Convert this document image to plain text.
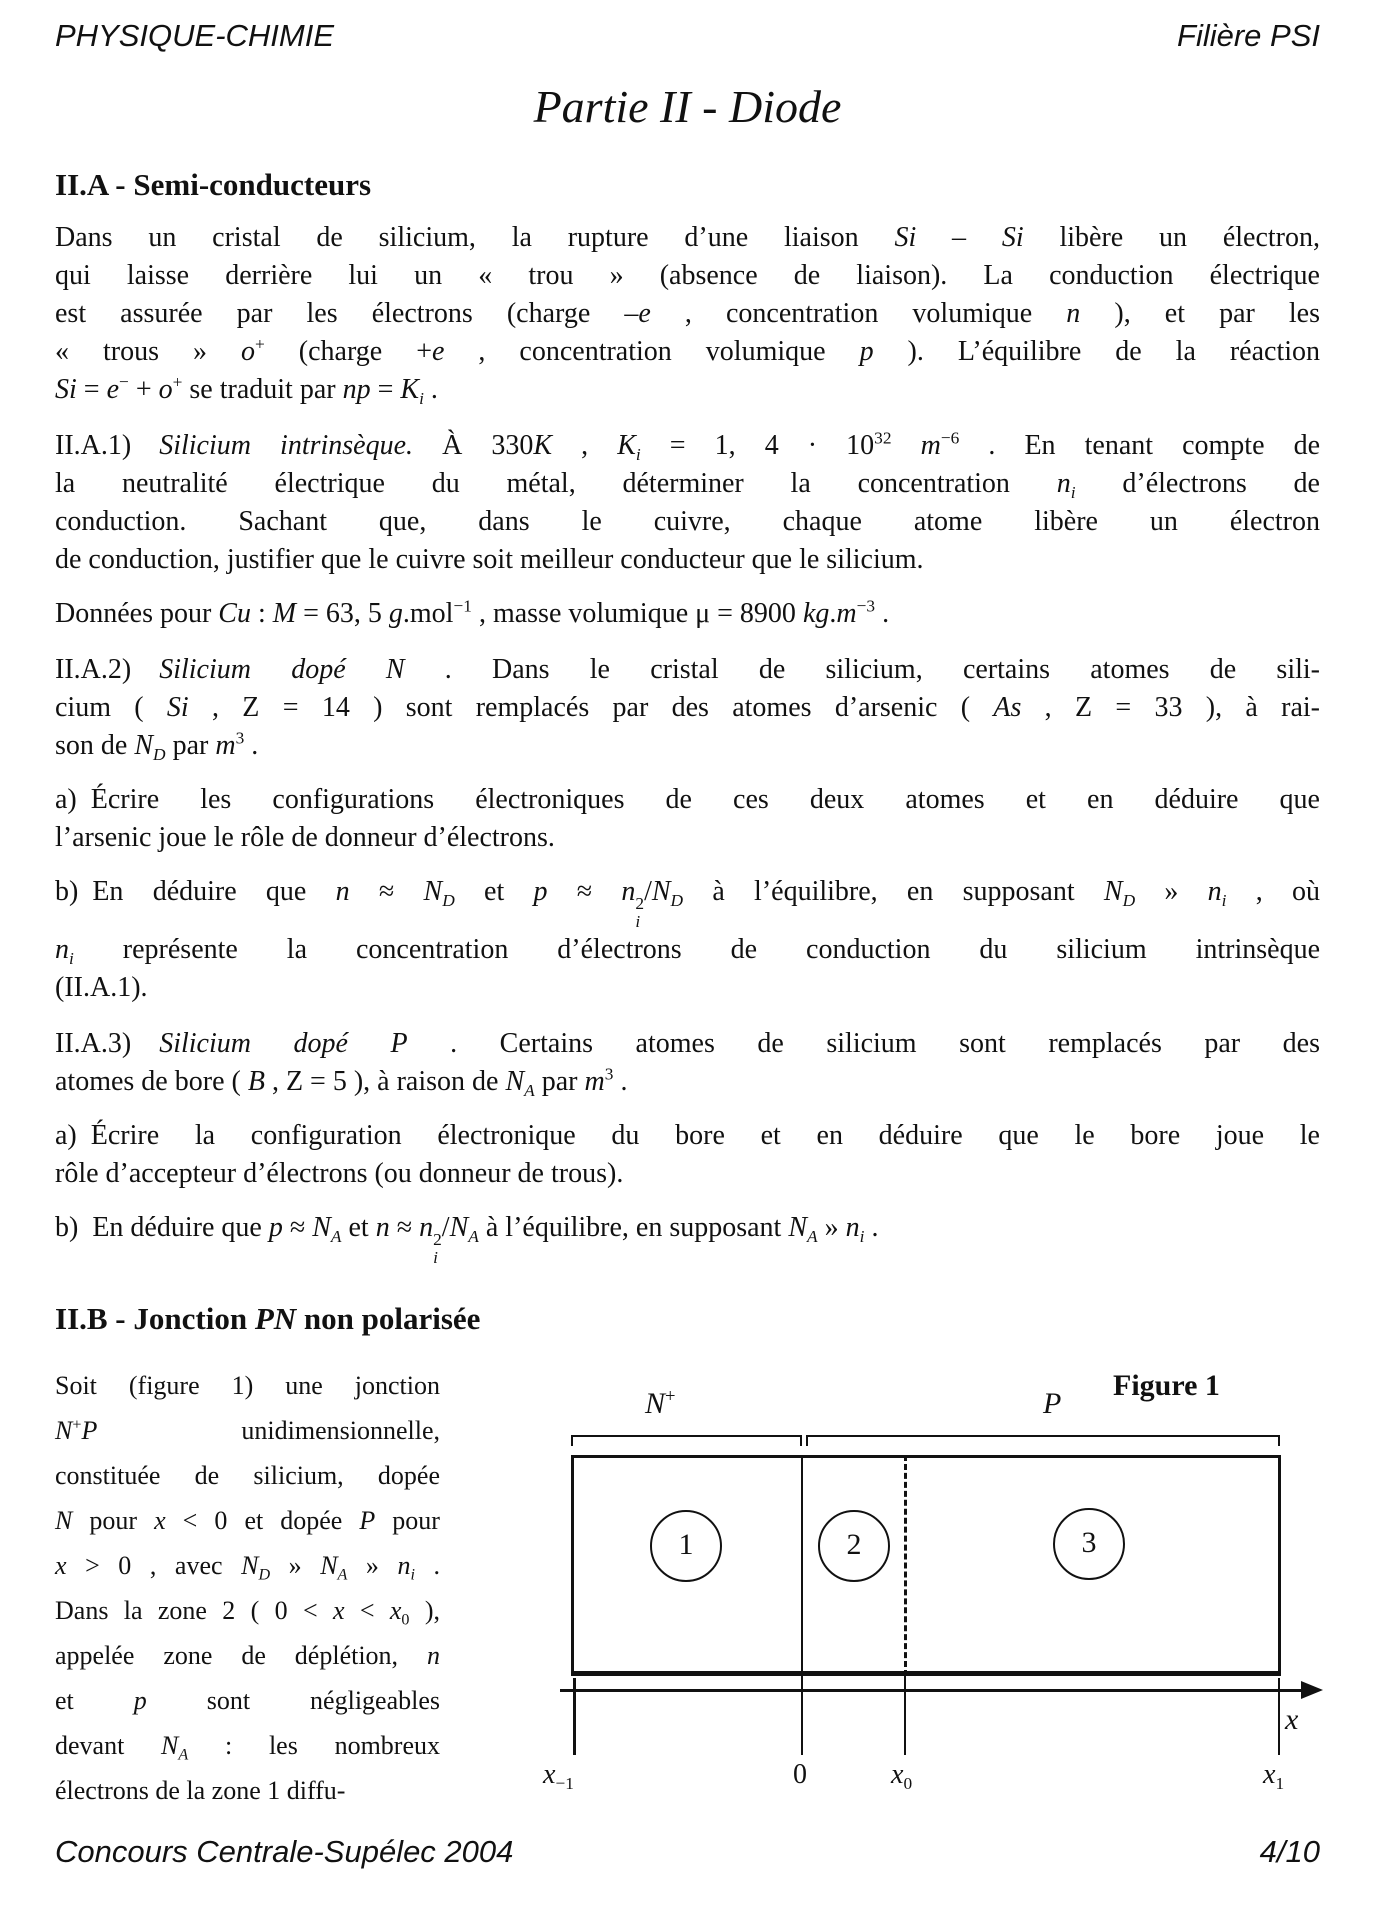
PHYSIQUE-CHIMIE	Filière PSI
Partie II - Diode
II.A - Semi-conducteurs
Dans un cristal de silicium, la rupture d’une liaison Si – Si libère un électron,
qui laisse derrière lui un « trou » (absence de liaison). La conduction électrique
est assurée par les électrons (charge –e , concentration volumique n ), et par les
« trous » o+ (charge +e , concentration volumique p ). L’équilibre de la réaction
Si = e− + o+ se traduit par np = $K_i$ .
II.A.1) Silicium intrinsèque. À 330K , $K_i = 1$, $4 \cdot 10^{32}$ $m^{-6}$ . En tenant compte de
la neutralité électrique du métal, déterminer la concentration $n_i$ d’électrons de
conduction. Sachant que, dans le cuivre, chaque atome libère un électron
de conduction, justifier que le cuivre soit meilleur conducteur que le silicium.
Données pour Cu : M = 63, 5 g.mol$^{-1}$ , masse volumique μ = 8900 $kg.m^{-3}$ .
II.A.2) Silicium dopé N . Dans le cristal de silicium, certains atomes de sili-
cium ( Si , Z = 14 ) sont remplacés par des atomes d’arsenic ( As , Z = 33 ), à rai-
son de $N_D$ par $m^3$ .
a) Écrire les configurations électroniques de ces deux atomes et en déduire que
l’arsenic joue le rôle de donneur d’électrons.
b) En déduire que $n \approx N_D$ et p ≈ n 2
i
$/N_D$ à l’équilibre, en supposant $N_D$ » $n_i$ , où
$n_i$ représente la concentration d’électrons de conduction du silicium intrinsèque
(II.A.1).
II.A.3) Silicium dopé P . Certains atomes de silicium sont remplacés par des
atomes de bore ( B , Z = 5 ), à raison de $N_A$ par $m^3$ .
a) Écrire la configuration électronique du bore et en déduire que le bore joue le
rôle d’accepteur d’électrons (ou donneur de trous).
b) En déduire que $p \approx N_A$ et n ≈ n 2
i
$/N_A$ à l’équilibre, en supposant $N_A$ » $n_i$ .
II.B - Jonction PN non polarisée
Soit (figure 1) une jonction
N+P unidimensionnelle,
constituée de silicium, dopée
N pour x < 0 et dopée P pour
x > 0 , avec $N_D$ » $N_A$ » $n_i$ .
Dans la zone 2 ( $0 < x < x_0$ ),
appelée zone de déplétion, n
et p sont négligeables
devant $N_A$ : les nombreux
électrons de la zone 1 diffu-
Figure 1
N+	P
1	2	3
x
$x_{-1}$	0	$x_0$	$x_1$
Concours Centrale-Supélec 2004	4/10
